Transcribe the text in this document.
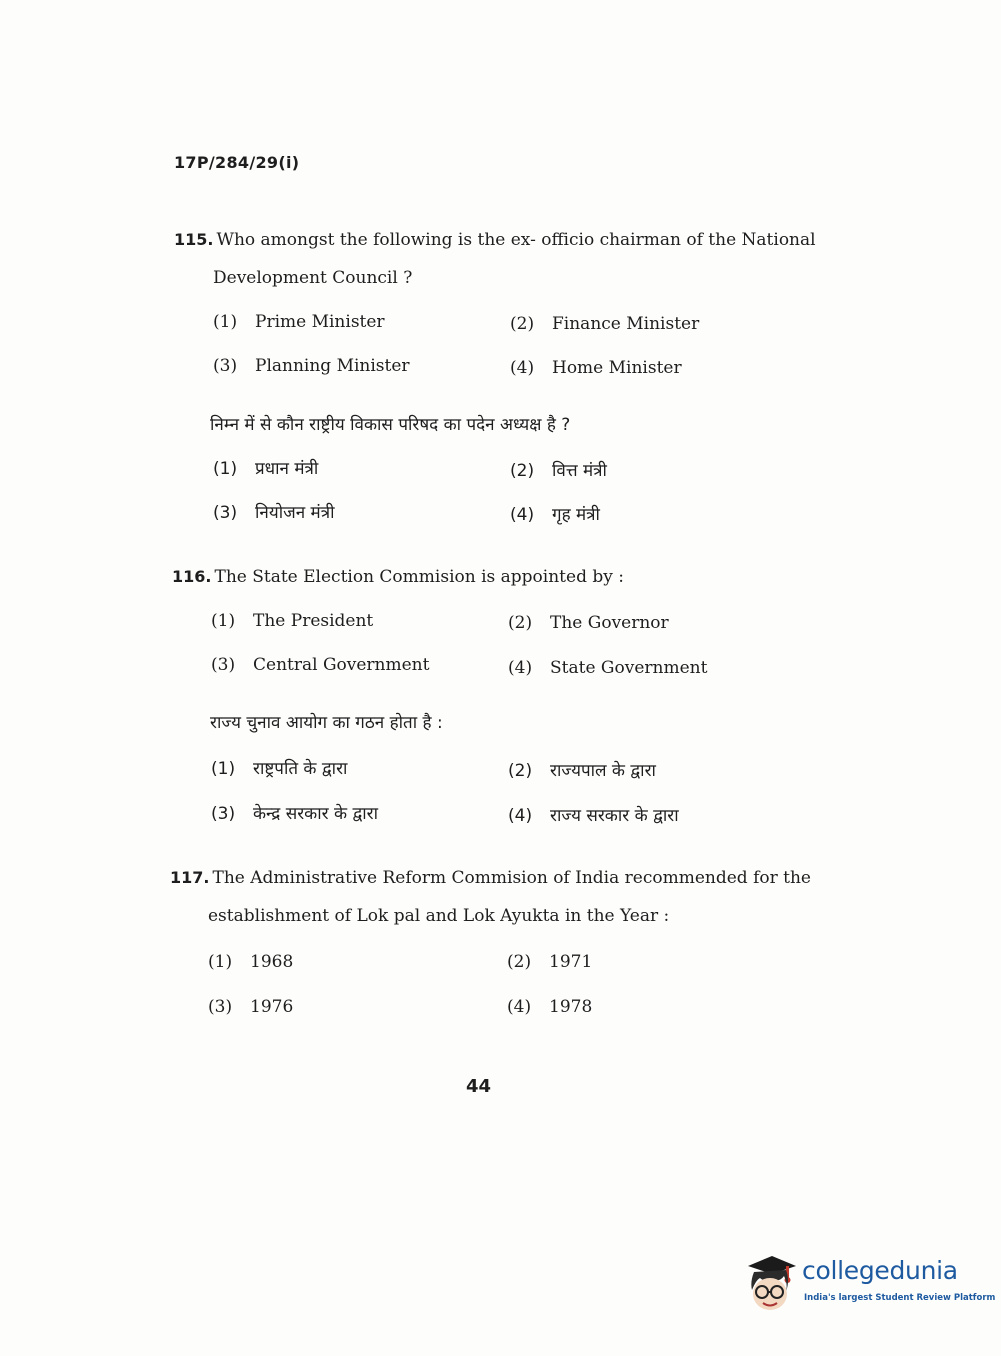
17P/284/29(i)
115. Who amongst the following is the ex- officio chairman of the National
Development Council ?
(1) Prime Minister	(2) Finance Minister
(3) Planning Minister	(4) Home Minister
निम्न में से कौन राष्ट्रीय विकास परिषद का पदेन अध्यक्ष है ?
(1) प्रधान मंत्री	(2) वित्त मंत्री
(3) नियोजन मंत्री	(4) गृह मंत्री
116. The State Election Commision is appointed by :
(1) The President	(2) The Governor
(3) Central Government	(4) State Government
राज्य चुनाव आयोग का गठन होता है :
(1) राष्ट्रपति के द्वारा	(2) राज्यपाल के द्वारा
(3) केन्द्र सरकार के द्वारा	(4) राज्य सरकार के द्वारा
117. The Administrative Reform Commision of India recommended for the
establishment of Lok pal and Lok Ayukta in the Year :
(1) 1968	(2) 1971
(3) 1976	(4) 1978
44
collegedunia
India's largest Student Review Platform
